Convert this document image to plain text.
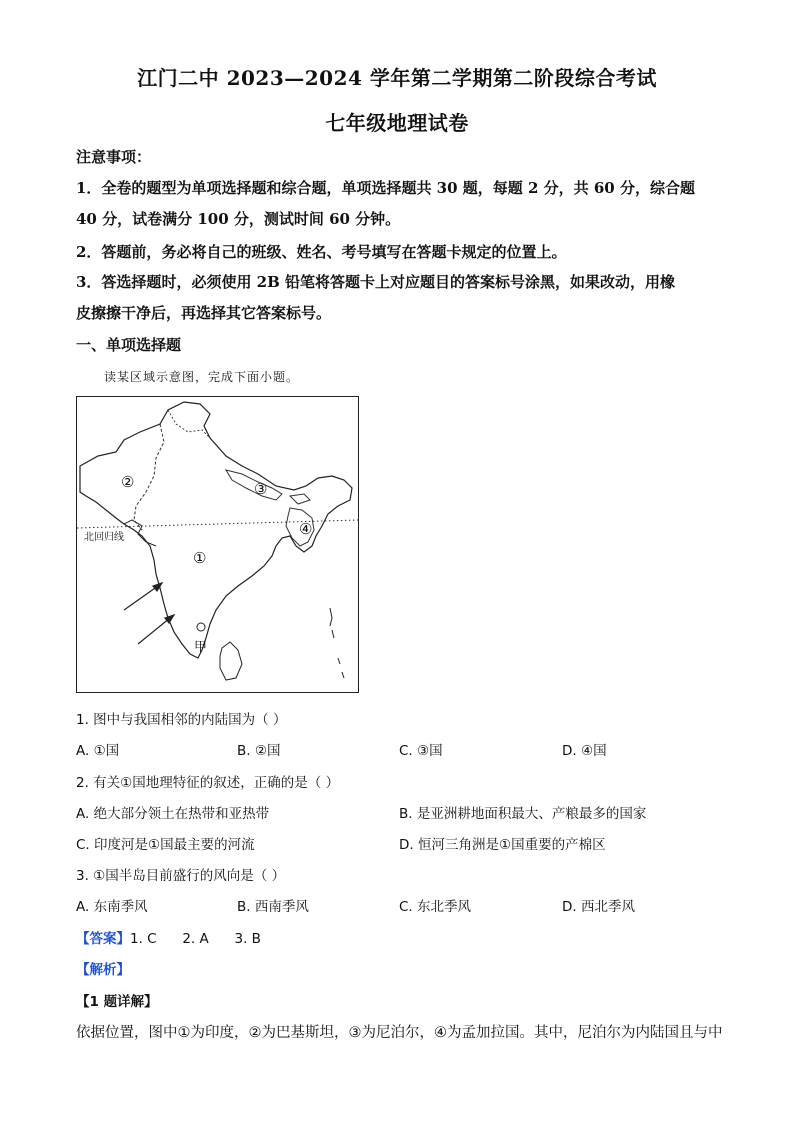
江门二中 2023—2024 学年第二学期第二阶段综合考试
七年级地理试卷
注意事项：
1．全卷的题型为单项选择题和综合题，单项选择题共 30 题，每题 2 分，共 60 分，综合题
40 分，试卷满分 100 分，测试时间 60 分钟。
2．答题前，务必将自己的班级、姓名、考号填写在答题卡规定的位置上。
3．答选择题时，必须使用 2B 铅笔将答题卡上对应题目的答案标号涂黑，如果改动，用橡
皮擦擦干净后，再选择其它答案标号。
一、单项选择题
读某区域示意图，完成下面小题。
北回归线
①
②	③
④
甲
1. 图中与我国相邻的内陆国为（ ）
A. ①国	B. ②国	C. ③国	D. ④国
2. 有关①国地理特征的叙述，正确的是（ ）
A. 绝大部分领土在热带和亚热带	B. 是亚洲耕地面积最大、产粮最多的国家
C. 印度河是①国最主要的河流	D. 恒河三角洲是①国重要的产棉区
3. ①国半岛目前盛行的风向是（ ）
A. 东南季风	B. 西南季风	C. 东北季风	D. 西北季风
【答案】1. C      2. A      3. B
【解析】
【1 题详解】
依据位置，图中①为印度，②为巴基斯坦，③为尼泊尔，④为孟加拉国。其中，尼泊尔为内陆国且与中
